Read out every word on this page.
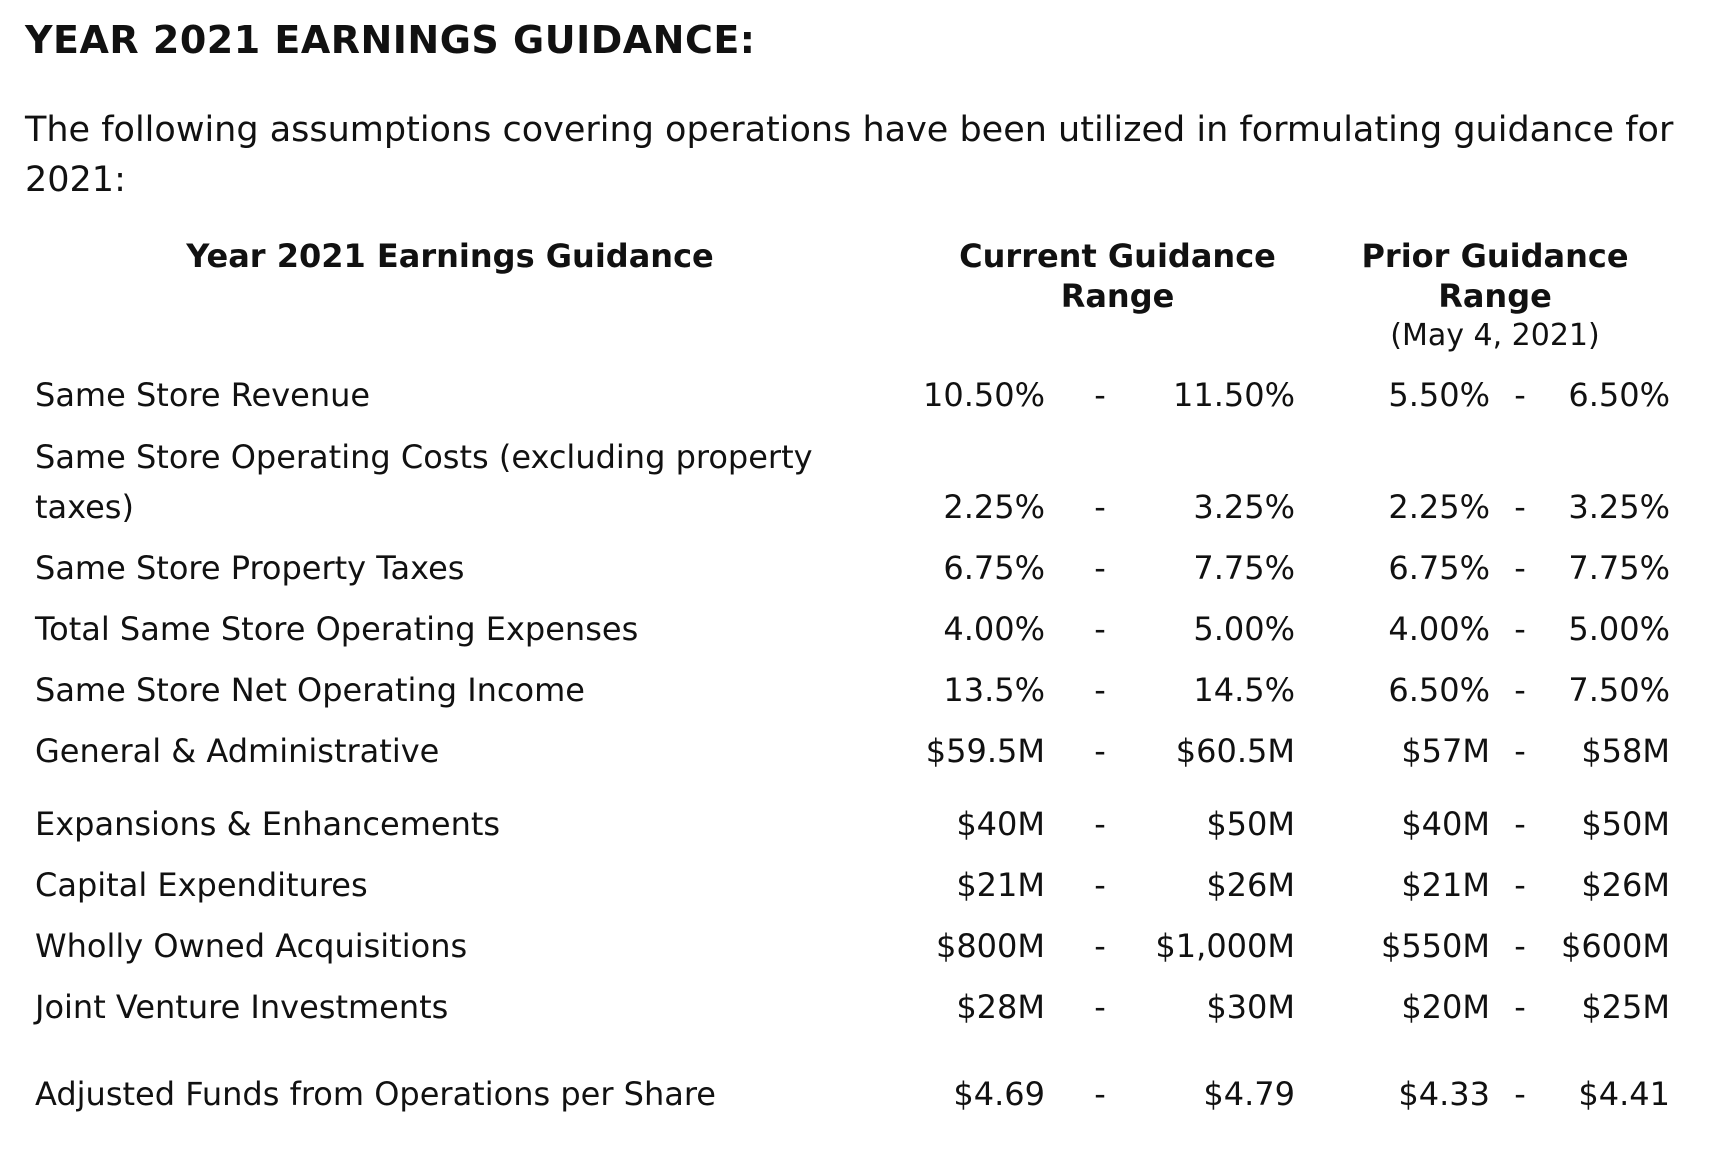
YEAR 2021 EARNINGS GUIDANCE:

The following assumptions covering operations have been utilized in formulating guidance for 2021:

Year 2021 Earnings Guidance	Current Guidance
Range
Prior Guidance
Range
(May 4, 2021)
Same Store Revenue	10.50%	-	11.50%	5.50% -	6.50%
Same Store Operating Costs (excluding property taxes)	2.25%	-	3.25%	2.25% -	3.25%
Same Store Property Taxes	6.75%	-	7.75%	6.75% -	7.75%
Total Same Store Operating Expenses	4.00%	-	5.00%	4.00% -	5.00%
Same Store Net Operating Income	13.5%	-	14.5%	6.50% -	7.50%
General & Administrative	$59.5M	-	$60.5M	$57M -	$58M
Expansions & Enhancements	$40M	-	$50M	$40M -	$50M
Capital Expenditures	$21M	-	$26M	$21M -	$26M
Wholly Owned Acquisitions	$800M	-	$1,000M	$550M -	$600M
Joint Venture Investments	$28M	-	$30M	$20M -	$25M
Adjusted Funds from Operations per Share	$4.69	-	$4.79	$4.33 -	$4.41
